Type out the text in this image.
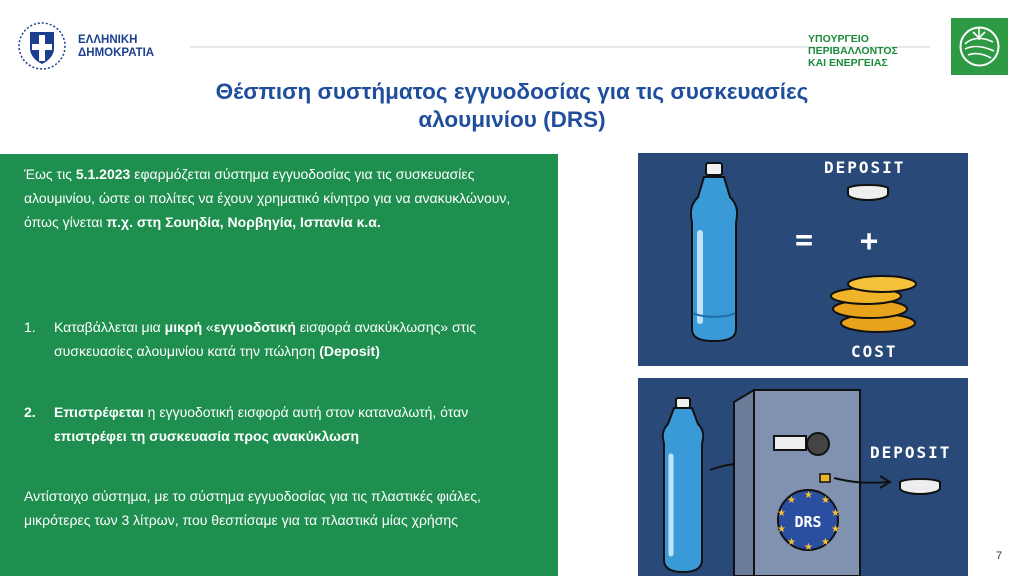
ΕΛΛΗΝΙΚΗ
ΔΗΜΟΚΡΑΤΙΑ
ΥΠΟΥΡΓΕΙΟ
ΠΕΡΙΒΑΛΛΟΝΤΟΣ
ΚΑΙ ΕΝΕΡΓΕΙΑΣ
Θέσπιση συστήματος εγγυοδοσίας για τις συσκευασίες
αλουμινίου (DRS)
Έως τις 5.1.2023 εφαρμόζεται σύστημα εγγυοδοσίας για τις συσκευασίες αλουμινίου, ώστε οι πολίτες να έχουν χρηματικό κίνητρο για να ανακυκλώνουν, όπως γίνεται π.χ. στη Σουηδία, Νορβηγία, Ισπανία κ.α.
1. Καταβάλλεται μια μικρή «εγγυοδοτική εισφορά ανακύκλωσης» στις συσκευασίες αλουμινίου κατά την πώληση (Deposit)
2. Επιστρέφεται η εγγυοδοτική εισφορά αυτή στον καταναλωτή, όταν επιστρέφει τη συσκευασία προς ανακύκλωση
Αντίστοιχο σύστημα, με το σύστημα εγγυοδοσίας για τις πλαστικές φιάλες, μικρότερες των 3 λίτρων, που θεσπίσαμε για τα πλαστικά μίας χρήσης
= +
DEPOSIT
COST
★ ★
★
★
★
★
★
★
★
★
DRS
DEPOSIT
7
